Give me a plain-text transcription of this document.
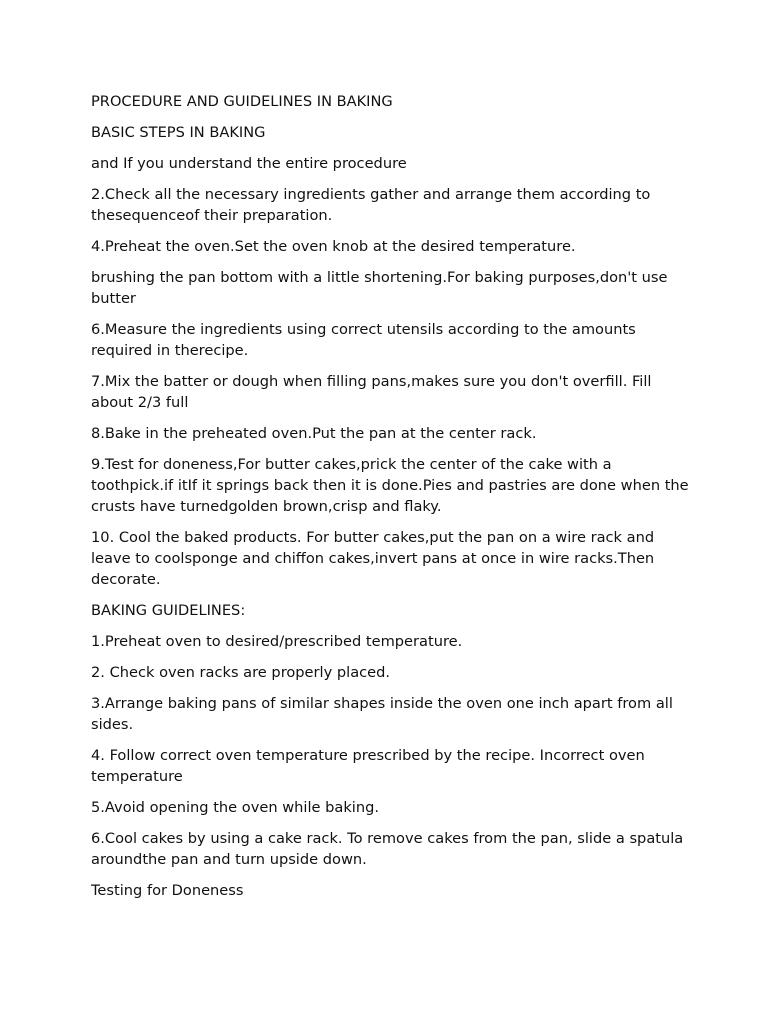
PROCEDURE AND GUIDELINES IN BAKING

BASIC STEPS IN BAKING

and If you understand the entire procedure

2.Check all the necessary ingredients gather and arrange them according to thesequenceof their preparation.

4.Preheat the oven.Set the oven knob at the desired temperature.

brushing the pan bottom with a little shortening.For baking purposes,don't use butter

6.Measure the ingredients using correct utensils according to the amounts required in therecipe.

7.Mix the batter or dough when filling pans,makes sure you don't overfill. Fill about 2/3 full

8.Bake in the preheated oven.Put the pan at the center rack.

9.Test for doneness,For butter cakes,prick the center of the cake with a toothpick.if itIf it springs back then it is done.Pies and pastries are done when the crusts have turnedgolden brown,crisp and flaky.

10. Cool the baked products. For butter cakes,put the pan on a wire rack and leave to coolsponge and chiffon cakes,invert pans at once in wire racks.Then decorate.

BAKING GUIDELINES:

1.Preheat oven to desired/prescribed temperature.

2. Check oven racks are properly placed.

3.Arrange baking pans of similar shapes inside the oven one inch apart from all sides.

4. Follow correct oven temperature prescribed by the recipe. Incorrect oven temperature

5.Avoid opening the oven while baking.

6.Cool cakes by using a cake rack. To remove cakes from the pan, slide a spatula aroundthe pan and turn upside down.

Testing for Doneness
